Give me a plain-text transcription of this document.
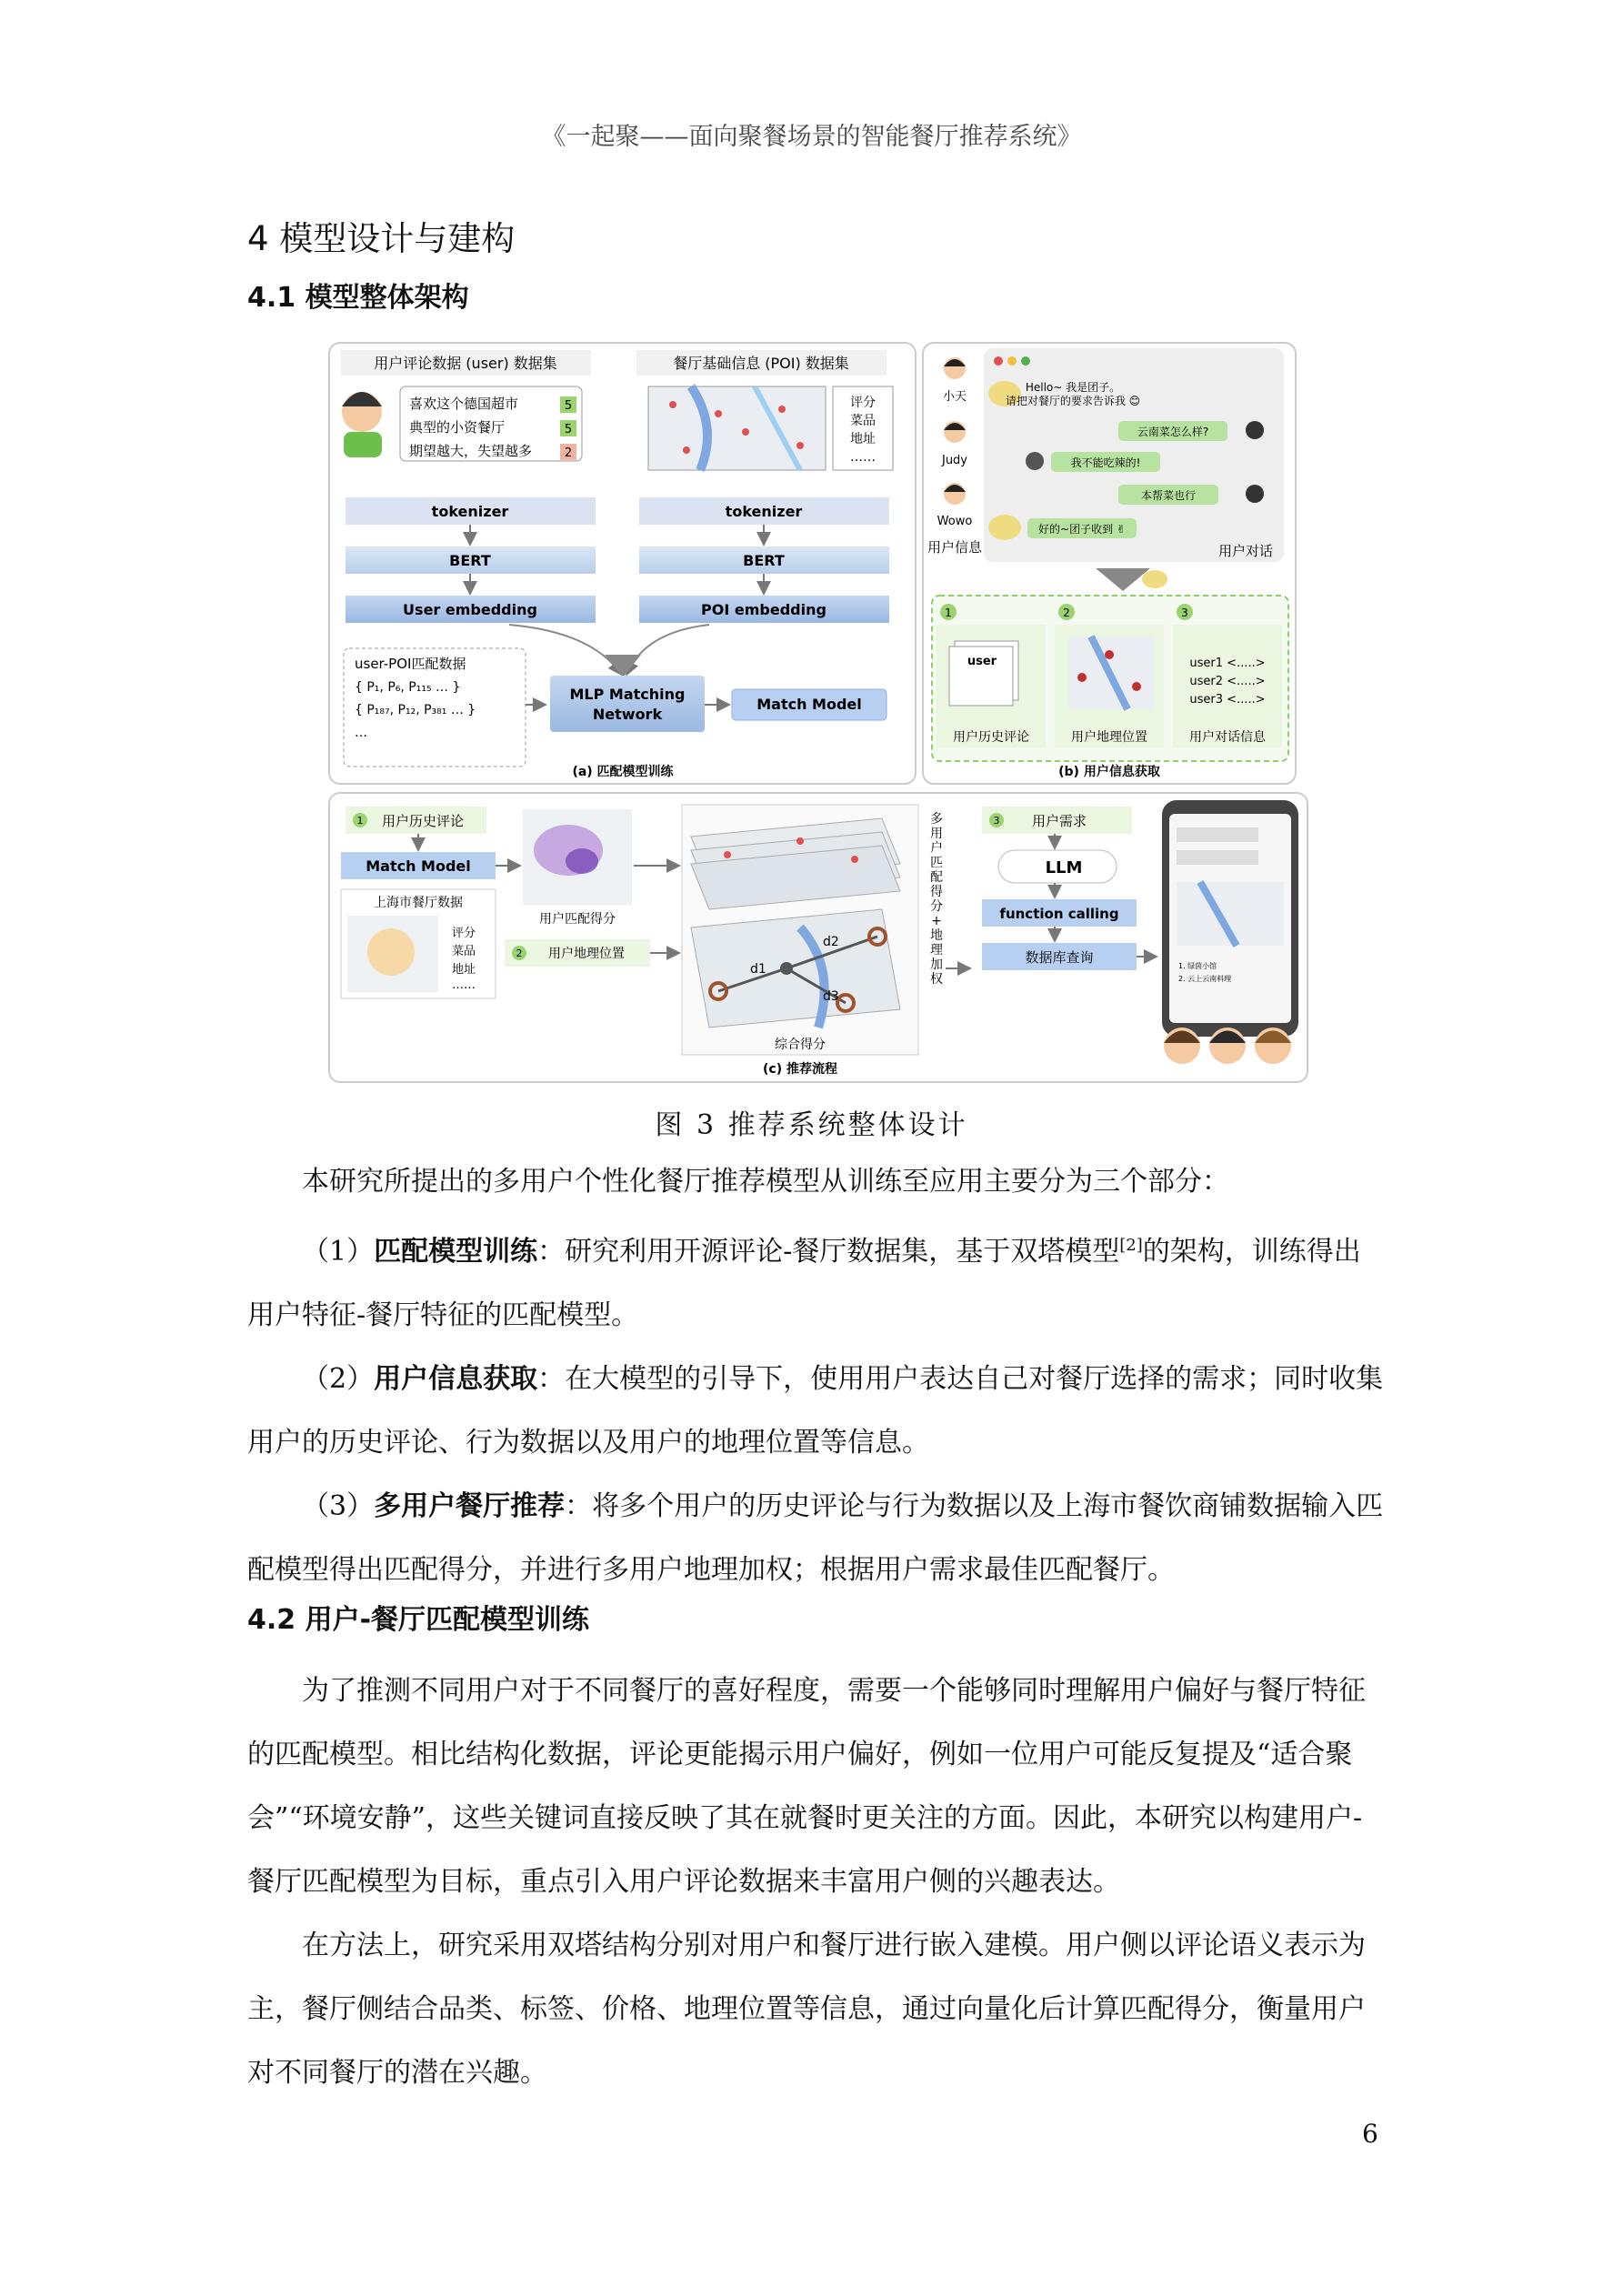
《一起聚——面向聚餐场景的智能餐厅推荐系统》
4 模型设计与建构
4.1 模型整体架构
用户评论数据 (user) 数据集	餐厅基础信息 (POI) 数据集
喜欢这个德国超市	5
典型的小资餐厅	5
期望越大，失望越多	2
评分
菜品
地址
……
tokenizer	tokenizer
BERT	BERT
User embedding	POI embedding
user-POI匹配数据
{ P₁, P₆, P₁₁₅ … }
{ P₁₈₇, P₁₂, P₃₈₁ … }
…
MLP Matching
Network
Match Model
(a) 匹配模型训练
小天
Judy
Wowo
用户信息
Hello~ 我是团子。
请把对餐厅的要求告诉我 😊
云南菜怎么样?
我不能吃辣的!
本帮菜也行
好的~团子收到 ✌
用户对话
1
user
用户历史评论
2
用户地理位置
3
user1 <.....>
user2 <.....>
user3 <.....>
用户对话信息
(b) 用户信息获取
1 用户历史评论
Match Model
上海市餐厅数据
评分
菜品
地址
……
用户匹配得分
2 用户地理位置
d1
d2
d3
综合得分
多用户匹配得分+地理加权
3 用户需求
LLM
function calling
数据库查询
1. 绿茵小馆
2. 云上云南料理
(c) 推荐流程
图 3 推荐系统整体设计

本研究所提出的多用户个性化餐厅推荐模型从训练至应用主要分为三个部分：

（1）匹配模型训练：研究利用开源评论-餐厅数据集，基于双塔模型[2]的架构，训练得出用户特征-餐厅特征的匹配模型。

（2）用户信息获取：在大模型的引导下，使用用户表达自己对餐厅选择的需求；同时收集用户的历史评论、行为数据以及用户的地理位置等信息。

（3）多用户餐厅推荐：将多个用户的历史评论与行为数据以及上海市餐饮商铺数据输入匹配模型得出匹配得分，并进行多用户地理加权；根据用户需求最佳匹配餐厅。

4.2 用户-餐厅匹配模型训练

为了推测不同用户对于不同餐厅的喜好程度，需要一个能够同时理解用户偏好与餐厅特征的匹配模型。相比结构化数据，评论更能揭示用户偏好，例如一位用户可能反复提及“适合聚会”“环境安静”，这些关键词直接反映了其在就餐时更关注的方面。因此，本研究以构建用户-餐厅匹配模型为目标，重点引入用户评论数据来丰富用户侧的兴趣表达。

在方法上，研究采用双塔结构分别对用户和餐厅进行嵌入建模。用户侧以评论语义表示为主，餐厅侧结合品类、标签、价格、地理位置等信息，通过向量化后计算匹配得分，衡量用户对不同餐厅的潜在兴趣。

6
